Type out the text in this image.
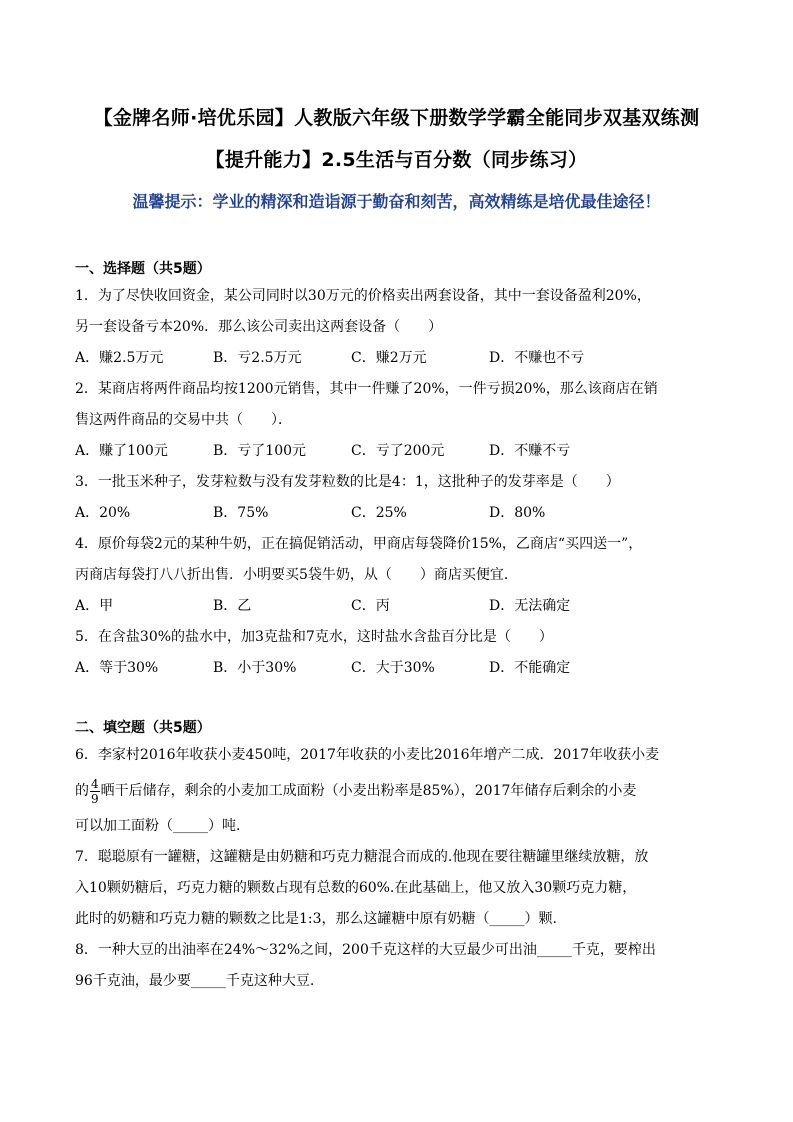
【金牌名师·培优乐园】人教版六年级下册数学学霸全能同步双基双练测
【提升能力】2.5生活与百分数（同步练习）
温馨提示：学业的精深和造诣源于勤奋和刻苦，高效精练是培优最佳途径！
一、选择题（共5题）
1．为了尽快收回资金，某公司同时以30万元的价格卖出两套设备，其中一套设备盈利20%，
另一套设备亏本20%．那么该公司卖出这两套设备（　　）
A．赚2.5万元	B．亏2.5万元	C．赚2万元	D．不赚也不亏
2．某商店将两件商品均按1200元销售，其中一件赚了20%，一件亏损20%，那么该商店在销
售这两件商品的交易中共（　　）．
A．赚了100元	B．亏了100元	C．亏了200元	D．不赚不亏
3．一批玉米种子，发芽粒数与没有发芽粒数的比是4：1，这批种子的发芽率是（　　）
A．20%	B．75%	C．25%	D．80%
4．原价每袋2元的某种牛奶，正在搞促销活动，甲商店每袋降价15%，乙商店“买四送一”，
丙商店每袋打八八折出售．小明要买5袋牛奶，从（　　）商店买便宜．
A．甲	B．乙	C．丙	D．无法确定
5．在含盐30%的盐水中，加3克盐和7克水，这时盐水含盐百分比是（　　）
A．等于30%	B．小于30%	C．大于30%	D．不能确定
二、填空题（共5题）
6．李家村2016年收获小麦450吨，2017年收获的小麦比2016年增产二成．2017年收获小麦
的 $\frac{4}{9}$ 晒干后储存，剩余的小麦加工成面粉（小麦出粉率是85%），2017年储存后剩余的小麦
可以加工面粉（_____）吨.
7．聪聪原有一罐糖，这罐糖是由奶糖和巧克力糖混合而成的.他现在要往糖罐里继续放糖，放
入10颗奶糖后，巧克力糖的颗数占现有总数的60%.在此基础上，他又放入30颗巧克力糖，
此时的奶糖和巧克力糖的颗数之比是1:3，那么这罐糖中原有奶糖（_____）颗.
8．一种大豆的出油率在24%～32%之间，200千克这样的大豆最少可出油_____千克，要榨出
96千克油，最少要_____千克这种大豆.
